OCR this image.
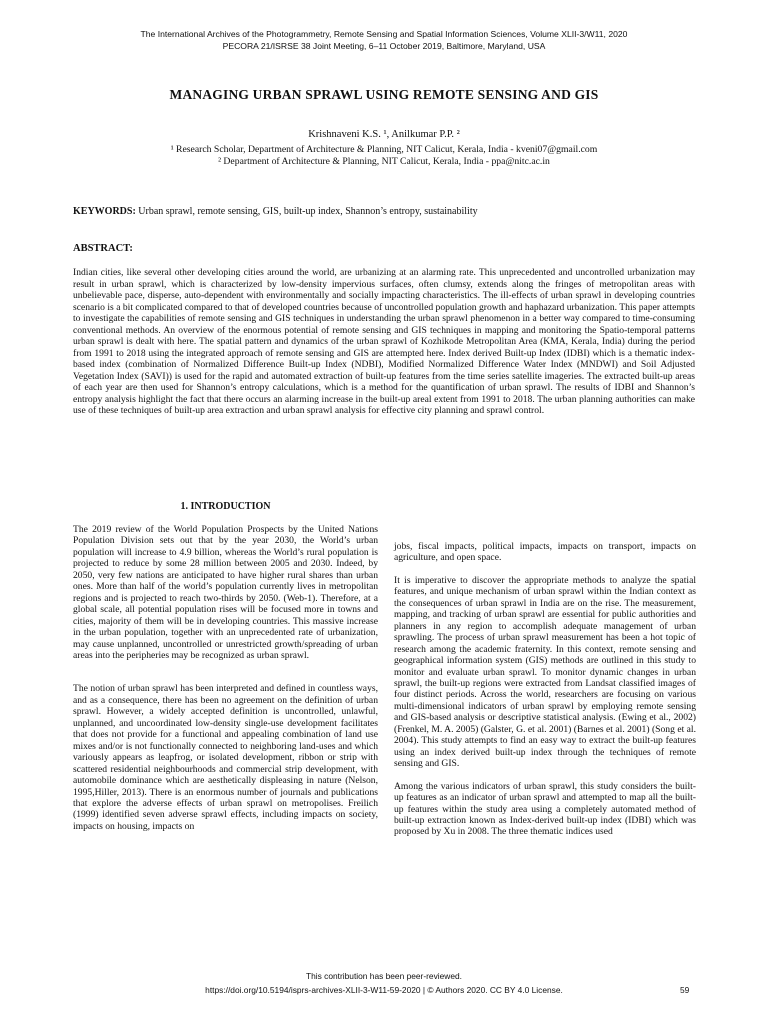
The International Archives of the Photogrammetry, Remote Sensing and Spatial Information Sciences, Volume XLII-3/W11, 2020
PECORA 21/ISRSE 38 Joint Meeting, 6–11 October 2019, Baltimore, Maryland, USA
MANAGING URBAN SPRAWL USING REMOTE SENSING AND GIS
Krishnaveni K.S. ¹, Anilkumar P.P. ²
¹ Research Scholar, Department of Architecture & Planning, NIT Calicut, Kerala, India - kveni07@gmail.com
² Department of Architecture & Planning, NIT Calicut, Kerala, India - ppa@nitc.ac.in
KEYWORDS: Urban sprawl, remote sensing, GIS, built-up index, Shannon’s entropy, sustainability
ABSTRACT:
Indian cities, like several other developing cities around the world, are urbanizing at an alarming rate. This unprecedented and uncontrolled urbanization may result in urban sprawl, which is characterized by low-density impervious surfaces, often clumsy, extends along the fringes of metropolitan areas with unbelievable pace, disperse, auto-dependent with environmentally and socially impacting characteristics. The ill-effects of urban sprawl in developing countries scenario is a bit complicated compared to that of developed countries because of uncontrolled population growth and haphazard urbanization. This paper attempts to investigate the capabilities of remote sensing and GIS techniques in understanding the urban sprawl phenomenon in a better way compared to time-consuming conventional methods. An overview of the enormous potential of remote sensing and GIS techniques in mapping and monitoring the Spatio-temporal patterns urban sprawl is dealt with here. The spatial pattern and dynamics of the urban sprawl of Kozhikode Metropolitan Area (KMA, Kerala, India) during the period from 1991 to 2018 using the integrated approach of remote sensing and GIS are attempted here. Index derived Built-up Index (IDBI) which is a thematic index-based index (combination of Normalized Difference Built-up Index (NDBI), Modified Normalized Difference Water Index (MNDWI) and Soil Adjusted Vegetation Index (SAVI)) is used for the rapid and automated extraction of built-up features from the time series satellite imageries. The extracted built-up areas of each year are then used for Shannon’s entropy calculations, which is a method for the quantification of urban sprawl. The results of IDBI and Shannon’s entropy analysis highlight the fact that there occurs an alarming increase in the built-up areal extent from 1991 to 2018. The urban planning authorities can make use of these techniques of built-up area extraction and urban sprawl analysis for effective city planning and sprawl control.
1. INTRODUCTION

The 2019 review of the World Population Prospects by the United Nations Population Division sets out that by the year 2030, the World’s urban population will increase to 4.9 billion, whereas the World’s rural population is projected to reduce by some 28 million between 2005 and 2030. Indeed, by 2050, very few nations are anticipated to have higher rural shares than urban ones. More than half of the world’s population currently lives in metropolitan regions and is projected to reach two-thirds by 2050. (Web-1). Therefore, at a global scale, all potential population rises will be focused more in towns and cities, majority of them will be in developing countries. This massive increase in the urban population, together with an unprecedented rate of urbanization, may cause unplanned, uncontrolled or unrestricted growth/spreading of urban areas into the peripheries may be recognized as urban sprawl.

The notion of urban sprawl has been interpreted and defined in countless ways, and as a consequence, there has been no agreement on the definition of urban sprawl. However, a widely accepted definition is uncontrolled, unlawful, unplanned, and uncoordinated low-density single-use development facilitates that does not provide for a functional and appealing combination of land use mixes and/or is not functionally connected to neighboring land-uses and which variously appears as leapfrog, or isolated development, ribbon or strip with scattered residential neighbourhoods and commercial strip development, with automobile dominance which are aesthetically displeasing in nature (Nelson, 1995,Hiller, 2013). There is an enormous number of journals and publications that explore the adverse effects of urban sprawl on metropolises. Freilich (1999) identified seven adverse sprawl effects, including impacts on society, impacts on housing, impacts on

jobs, fiscal impacts, political impacts, impacts on transport, impacts on agriculture, and open space.

It is imperative to discover the appropriate methods to analyze the spatial features, and unique mechanism of urban sprawl within the Indian context as the consequences of urban sprawl in India are on the rise. The measurement, mapping, and tracking of urban sprawl are essential for public authorities and planners in any region to accomplish adequate management of urban sprawling. The process of urban sprawl measurement has been a hot topic of research among the academic fraternity. In this context, remote sensing and geographical information system (GIS) methods are outlined in this study to monitor and evaluate urban sprawl. To monitor dynamic changes in urban sprawl, the built-up regions were extracted from Landsat classified images of four distinct periods. Across the world, researchers are focusing on various multi-dimensional indicators of urban sprawl by employing remote sensing and GIS-based analysis or descriptive statistical analysis. (Ewing et al., 2002) (Frenkel, M. A. 2005) (Galster, G. et al. 2001) (Barnes et al. 2001) (Song et al. 2004). This study attempts to find an easy way to extract the built-up features using an index derived built-up index through the techniques of remote sensing and GIS.

Among the various indicators of urban sprawl, this study considers the built-up features as an indicator of urban sprawl and attempted to map all the built-up features within the study area using a completely automated method of built-up extraction known as Index-derived built-up index (IDBI) which was proposed by Xu in 2008. The three thematic indices used

This contribution has been peer-reviewed.
https://doi.org/10.5194/isprs-archives-XLII-3-W11-59-2020 | © Authors 2020. CC BY 4.0 License.	59
